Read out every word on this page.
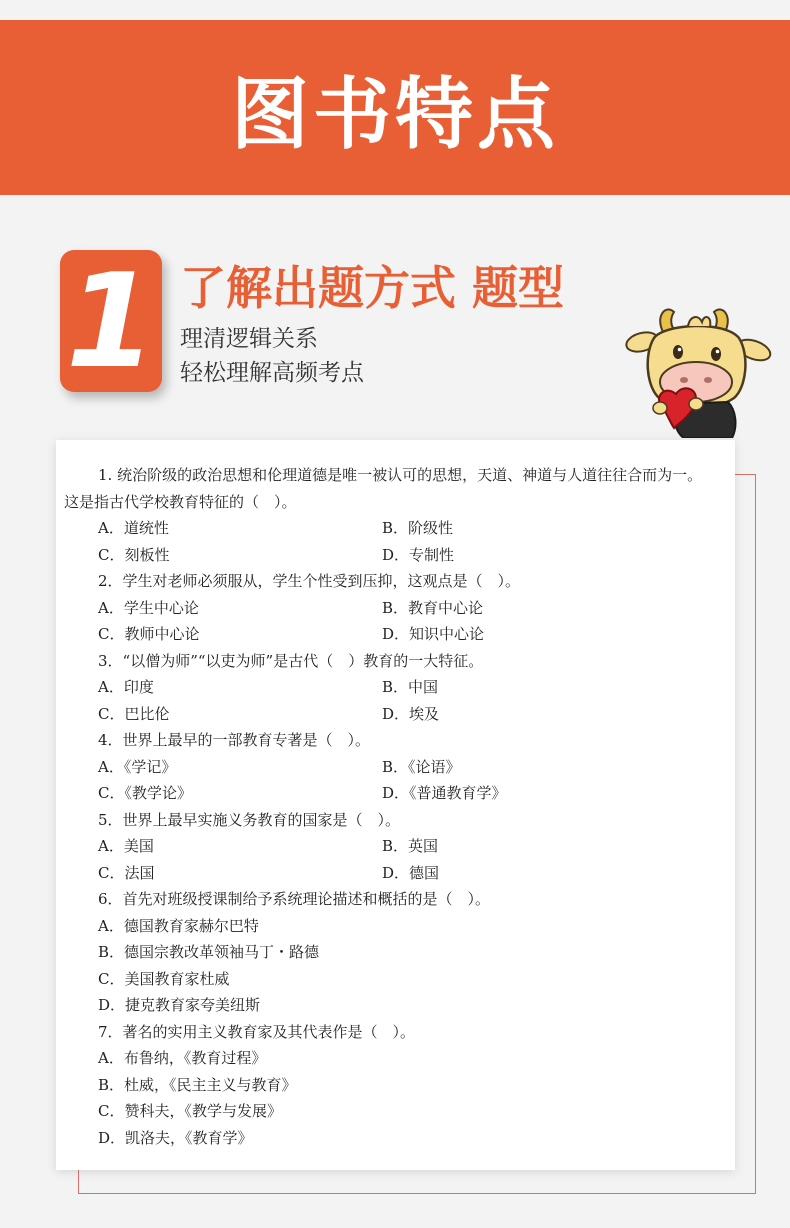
图书特点
1 了解出题方式 题型
理清逻辑关系
轻松理解高频考点
1. 统治阶级的政治思想和伦理道德是唯一被认可的思想，天道、神道与人道往往合而为一。
这是指古代学校教育特征的（　）。
A．道统性	B．阶级性
C．刻板性	D．专制性
2．学生对老师必须服从，学生个性受到压抑，这观点是（　）。
A．学生中心论	B．教育中心论
C．教师中心论	D．知识中心论
3．“以僧为师”“以吏为师”是古代（　）教育的一大特征。
A．印度	B．中国
C．巴比伦	D．埃及
4．世界上最早的一部教育专著是（　）。
A．《学记》	B．《论语》
C．《教学论》	D．《普通教育学》
5．世界上最早实施义务教育的国家是（　）。
A．美国	B．英国
C．法国	D．德国
6．首先对班级授课制给予系统理论描述和概括的是（　）。
A．德国教育家赫尔巴特
B．德国宗教改革领袖马丁・路德
C．美国教育家杜威
D．捷克教育家夸美纽斯
7．著名的实用主义教育家及其代表作是（　）。
A．布鲁纳，《教育过程》
B．杜威，《民主主义与教育》
C．赞科夫，《教学与发展》
D．凯洛夫，《教育学》
